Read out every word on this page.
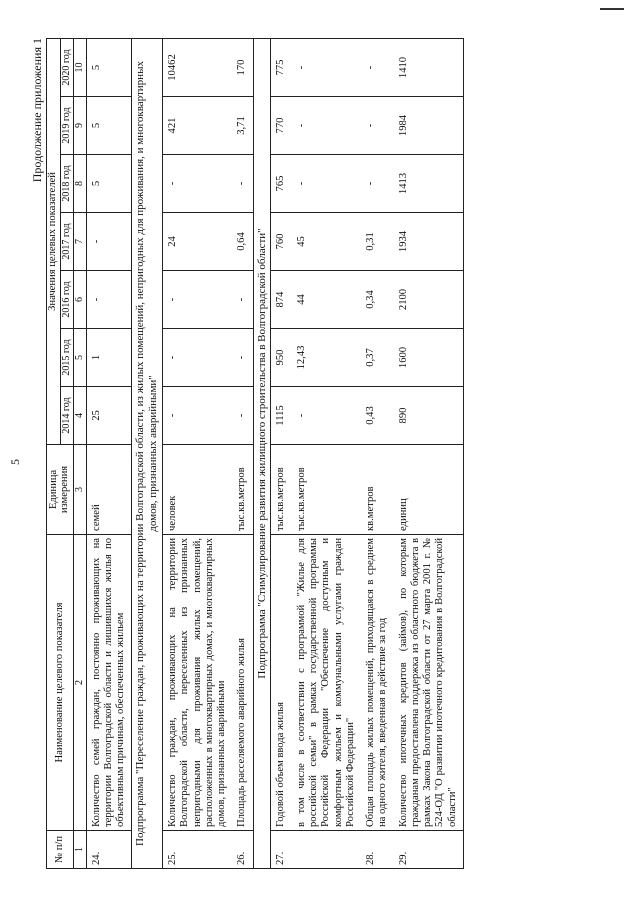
5
Продолжение приложения 1
№ п/п	Наименование целевого показателя	Единица измерения	Значения целевых показателей						
			2014 год	2015 год	2016 год	2017 год	2018 год	2019 год	2020 год
1	2	3	4	5	6	7	8	9	10
24.	Количество семей граждан, постоянно проживающих на территории Волгоградской области и лишившихся жилья по объективным причинам, обеспеченных жильем	семей	25	1	-	-	5	5	5
Подпрограмма "Переселение граждан, проживающих на территории Волгоградской области, из жилых помещений, непригодных для проживания, и многоквартирных домов, признанных аварийными"									
25.	Количество граждан, проживающих на территории Волгоградской области, переселенных из признанных непригодными для проживания жилых помещений, расположенных в многоквартирных домах, и многоквартирных домов, признанных аварийными	человек	-	-	-	24	-	421	10462
26.	Площадь расселяемого аварийного жилья	тыс.кв.метров	-	-	-	0,64	-	3,71	170
Подпрограмма "Стимулирование развития жилищного строительства в Волгоградской области"									
27.	Годовой объем ввода жилья	тыс.кв.метров	1115	950	874	760	765	770	775
	в том числе в соответствии с программой "Жилье для российской семьи" в рамках государственной программы Российской Федерации "Обеспечение доступным и комфортным жильем и коммунальными услугами граждан Российской Федерации"	тыс.кв.метров	-	12,43	44	45	-	-	-
28.	Общая площадь жилых помещений, приходящаяся в среднем на одного жителя, введенная в действие за год	кв.метров	0,43	0,37	0,34	0,31	-	-	-
29.	Количество ипотечных кредитов (займов), по которым гражданам предоставлена поддержка из областного бюджета в рамках Закона Волгоградской области от 27 марта 2001 г. № 524-ОД "О развитии ипотечного кредитования в Волгоградской области"	единиц	890	1600	2100	1934	1413	1984	1410
